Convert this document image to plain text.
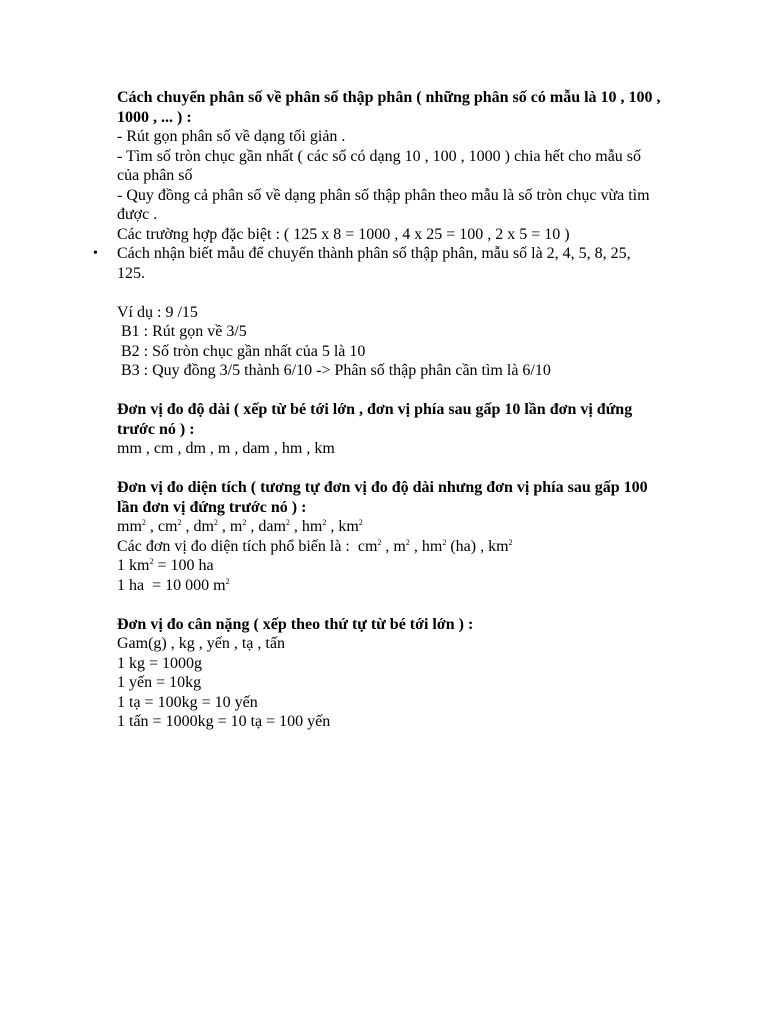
Cách chuyển phân số về phân số thập phân ( những phân số có mẫu là 10 , 100 , 1000 , ... ) :

- Rút gọn phân số về dạng tối giản .

- Tìm số tròn chục gần nhất ( các số có dạng 10 , 100 , 1000 ) chia hết cho mẫu số của phân số

- Quy đồng cả phân số về dạng phân số thập phân theo mẫu là số tròn chục vừa tìm được .

Các trường hợp đặc biệt : ( 125 x 8 = 1000 , 4 x 25 = 100 , 2 x 5 = 10 )

• Cách nhận biết mẫu để chuyển thành phân số thập phân, mẫu số là 2, 4, 5, 8, 25, 125.

Ví dụ : 9 /15

B1 : Rút gọn về 3/5

B2 : Số tròn chục gần nhất của 5 là 10

B3 : Quy đồng 3/5 thành 6/10 -> Phân số thập phân cần tìm là 6/10

Đơn vị đo độ dài ( xếp từ bé tới lớn , đơn vị phía sau gấp 10 lần đơn vị đứng trước nó ) :

mm , cm , dm , m , dam , hm , km

Đơn vị đo diện tích ( tương tự đơn vị đo độ dài nhưng đơn vị phía sau gấp 100 lần đơn vị đứng trước nó ) :

$mm^2$ , $cm^2$ , $dm^2$ , $m^2$ , dam$^2$ , $hm^2$ , $km^2$

Các đơn vị đo diện tích phổ biến là :  $cm^2$ , $m^2$ , $hm^2$ (ha) , $km^2$

1 $km^2 = 100$ ha

1 ha  = 10 000 $m^2$

Đơn vị đo cân nặng ( xếp theo thứ tự từ bé tới lớn ) :

Gam(g) , kg , yến , tạ , tấn

1 kg = 1000g

1 yến = 10kg

1 tạ = 100kg = 10 yến

1 tấn = 1000kg = 10 tạ = 100 yến
